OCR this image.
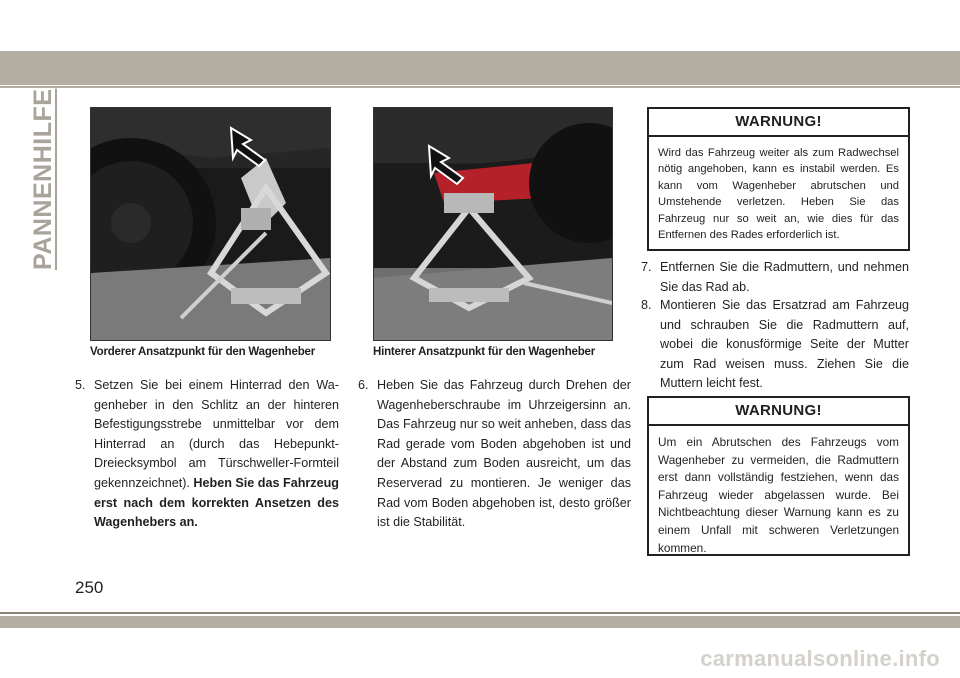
PANNENHILFE
Vorderer Ansatzpunkt für den Wagenheber	Hinterer Ansatzpunkt für den Wagenheber
5. Setzen Sie bei einem Hinterrad den Wagenheber in den Schlitz an der hinteren Befestigungsstrebe unmittelbar vor dem Hinterrad an (durch das Hebepunkt-Dreiecksymbol am Türschweller-Formteil gekennzeichnet). Heben Sie das Fahrzeug erst nach dem korrekten Ansetzen des Wagenhebers an.
6. Heben Sie das Fahrzeug durch Drehen der Wagenheberschraube im Uhrzeigersinn an. Das Fahrzeug nur so weit anheben, dass das Rad gerade vom Boden abgehoben ist und der Abstand zum Boden ausreicht, um das Reserverad zu montieren. Je weniger das Rad vom Boden abgehoben ist, desto größer ist die Stabilität.
WARNUNG!
Wird das Fahrzeug weiter als zum Radwechsel nötig angehoben, kann es instabil werden. Es kann vom Wagenheber abrutschen und Umstehende verletzen. Heben Sie das Fahrzeug nur so weit an, wie dies für das Entfernen des Rades erforderlich ist.
7. Entfernen Sie die Radmuttern, und nehmen Sie das Rad ab.
8. Montieren Sie das Ersatzrad am Fahrzeug und schrauben Sie die Radmuttern auf, wobei die konusförmige Seite der Mutter zum Rad weisen muss. Ziehen Sie die Muttern leicht fest.
WARNUNG!
Um ein Abrutschen des Fahrzeugs vom Wagenheber zu vermeiden, die Radmuttern erst dann vollständig festziehen, wenn das Fahrzeug wieder abgelassen wurde. Bei Nichtbeachtung dieser Warnung kann es zu einem Unfall mit schweren Verletzungen kommen.
250
carmanualsonline.info
